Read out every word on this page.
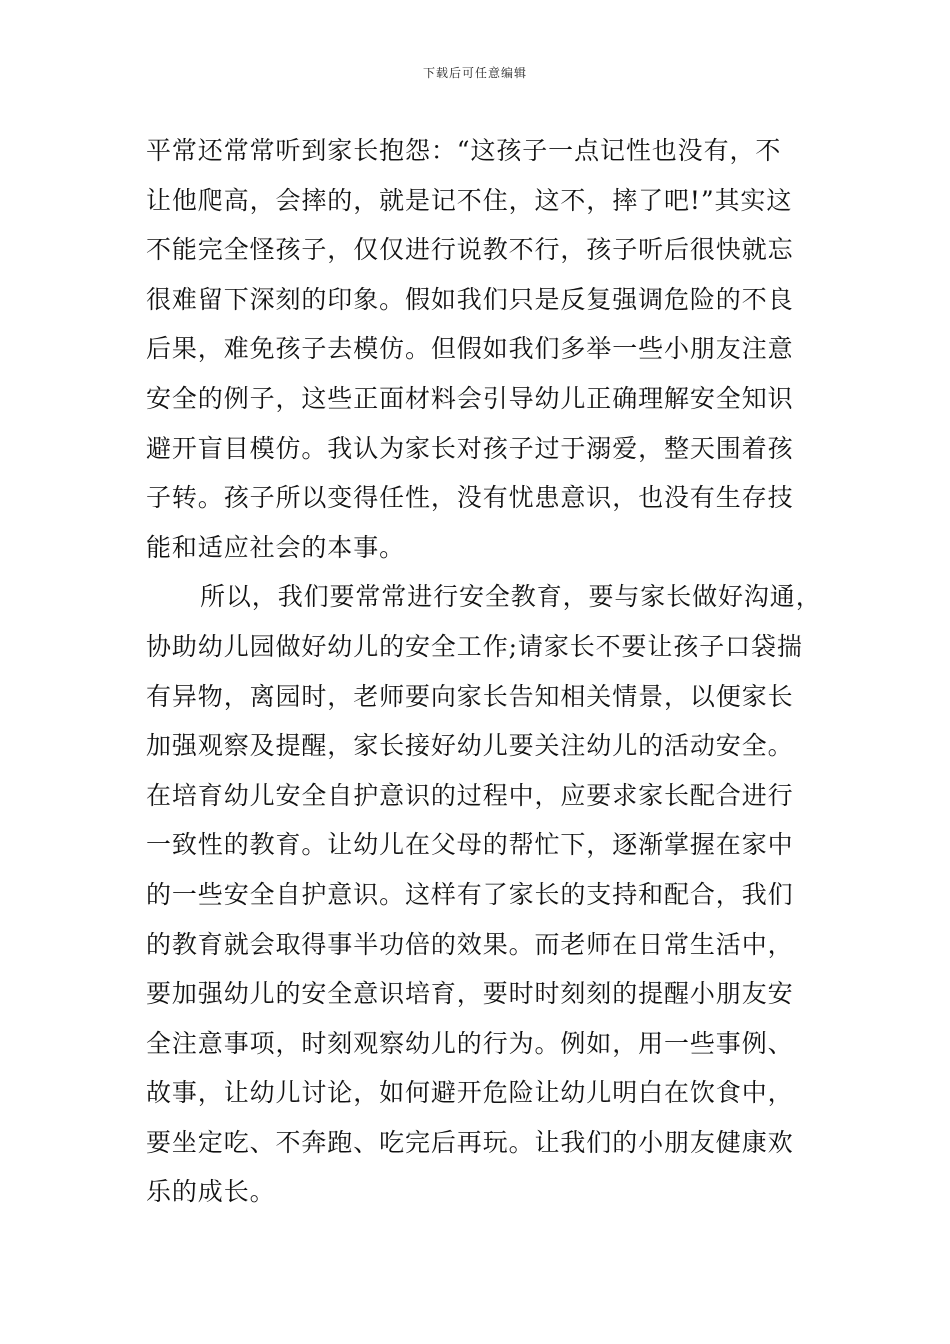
下载后可任意编辑
平常还常常听到家长抱怨：“这孩子一点记性也没有，不
让他爬高，会摔的，就是记不住，这不，摔了吧!”其实这
不能完全怪孩子，仅仅进行说教不行，孩子听后很快就忘
很难留下深刻的印象。假如我们只是反复强调危险的不良
后果，难免孩子去模仿。但假如我们多举一些小朋友注意
安全的例子，这些正面材料会引导幼儿正确理解安全知识
避开盲目模仿。我认为家长对孩子过于溺爱，整天围着孩
子转。孩子所以变得任性，没有忧患意识，也没有生存技
能和适应社会的本事。
所以，我们要常常进行安全教育，要与家长做好沟通，
协助幼儿园做好幼儿的安全工作;请家长不要让孩子口袋揣
有异物，离园时，老师要向家长告知相关情景，以便家长
加强观察及提醒，家长接好幼儿要关注幼儿的活动安全。
在培育幼儿安全自护意识的过程中，应要求家长配合进行
一致性的教育。让幼儿在父母的帮忙下，逐渐掌握在家中
的一些安全自护意识。这样有了家长的支持和配合，我们
的教育就会取得事半功倍的效果。而老师在日常生活中，
要加强幼儿的安全意识培育，要时时刻刻的提醒小朋友安
全注意事项，时刻观察幼儿的行为。例如，用一些事例、
故事，让幼儿讨论，如何避开危险让幼儿明白在饮食中，
要坐定吃、不奔跑、吃完后再玩。让我们的小朋友健康欢
乐的成长。
